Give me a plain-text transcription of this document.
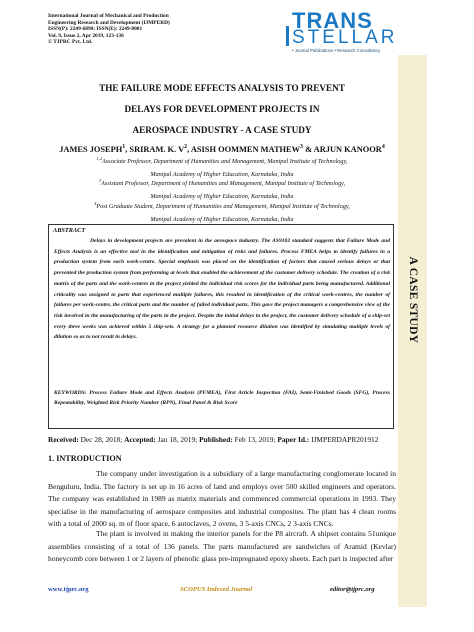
International Journal of Mechanical and Production
Engineering Research and Development (IJMPERD)
ISSN(P): 2249-6890; ISSN(E): 2249-8001
Vol. 9, Issue 2, Apr 2019, 123-136
© TJPRC Pvt. Ltd.
TRANS
STELLAR
• Journal Publications • Research Consultancy
A CASE STUDY
THE FAILURE MODE EFFECTS ANALYSIS TO PREVENT
DELAYS FOR DEVELOPMENT PROJECTS IN
AEROSPACE INDUSTRY - A CASE STUDY
JAMES JOSEPH$^1$, SRIRAM. K. $V^2$, ASISH OOMMEN MATHEW$^3$ & ARJUN KANOOR$^4$
$^{1,2}$Associate Professor, Department of Humanities and Management, Manipal Institute of Technology,
Manipal Academy of Higher Education, Karnataka, India
$^3$Assistant Professor, Department of Humanities and Management, Manipal Institute of Technology,
Manipal Academy of Higher Education, Karnataka, India
$^4$Post Graduate Student, Department of Humanities and Management, Manipal Institute of Technology,
Manipal Academy of Higher Education, Karnataka, India
ABSTRACT
Delays in development projects are prevalent in the aerospace industry. The AS9102 standard suggests that Failure Mode and Effects Analysis is an effective tool in the identification and mitigation of risks and failures. Process FMEA helps to identify failures in a production system from each work-centre. Special emphasis was placed on the identification of factors that caused serious delays or that prevented the production system from performing at levels that enabled the achievement of the customer delivery schedule. The creation of a risk matrix of the parts and the work-centres in the project yielded the individual risk scores for the individual parts being manufactured. Additional criticality was assigned to parts that experienced multiple failures, this resulted in identification of the critical work-centres, the number of failures per work-centre, the critical parts and the number of failed individual parts. This gave the project managers a comprehensive view of the risk involved in the manufacturing of the parts in the project. Despite the initial delays in the project, the customer delivery schedule of a ship-set every three weeks was achieved within 5 ship-sets. A strategy for a planned resource dilution was identified by simulating multiple levels of dilution so as to not result in delays.
KEYWORDS: Process Failure Mode and Effects Analysis (PFMEA), First Article Inspection (FAI), Semi-Finished Goods (SFG), Process Repeatability, Weighted Risk Priority Number (RPN), Final Panel & Risk Score
Received: Dec 28, 2018; Accepted: Jan 18, 2019; Published: Feb 13, 2019; Paper Id.: IJMPERDAPR201912
1. INTRODUCTION
The company under investigation is a subsidiary of a large manufacturing conglomerate located in Benguluru, India. The factory is set up in 16 acres of land and employs over 500 skilled engineers and operators. The company was established in 1989 as matrix materials and commenced commercial operations in 1993. They specialise in the manufacturing of aerospace composites and industrial composites. The plant has 4 clean rooms with a total of 2000 sq. m of floor space, 6 autoclaves, 2 ovens, 3 5-axis CNCs, 2 3-axis CNCs.
The plant is involved in making the interior panels for the P8 aircraft. A shipset contains 51unique assemblies consisting of a total of 136 panels. The parts manufactured are sandwiches of Aramid (Kevlar) honeycomb core between 1 or 2 layers of phenolic glass pre-impregnated epoxy sheets. Each part is inspected after
www.tjprc.org	SCOPUS Indexed Journal	editor@tjprc.org
